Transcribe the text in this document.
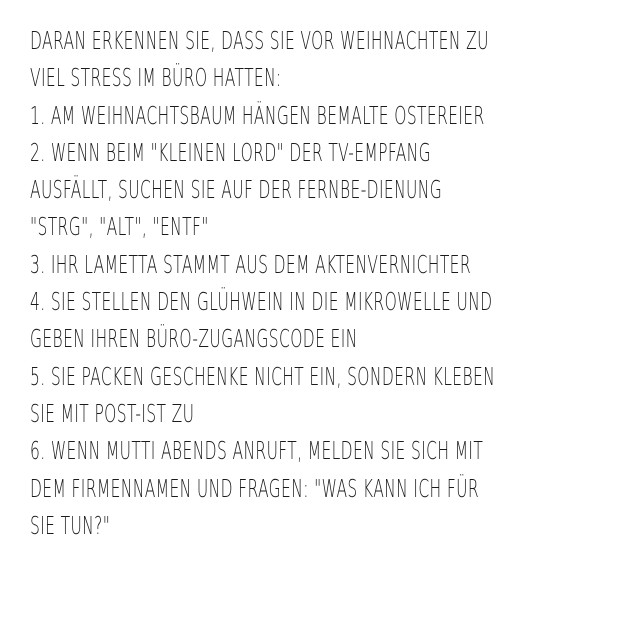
DARAN ERKENNEN SIE, DASS SIE VOR WEIHNACHTEN ZU
VIEL STRESS IM BÜRO HATTEN:
1. AM WEIHNACHTSBAUM HÄNGEN BEMALTE OSTEREIER
2. WENN BEIM "KLEINEN LORD" DER TV-EMPFANG
AUSFÄLLT, SUCHEN SIE AUF DER FERNBE-DIENUNG
"STRG", "ALT", "ENTF"
3. IHR LAMETTA STAMMT AUS DEM AKTENVERNICHTER
4. SIE STELLEN DEN GLÜHWEIN IN DIE MIKROWELLE UND
GEBEN IHREN BÜRO-ZUGANGSCODE EIN
5. SIE PACKEN GESCHENKE NICHT EIN, SONDERN KLEBEN
SIE MIT POST-IST ZU
6. WENN MUTTI ABENDS ANRUFT, MELDEN SIE SICH MIT
DEM FIRMENNAMEN UND FRAGEN: "WAS KANN ICH FÜR
SIE TUN?"
